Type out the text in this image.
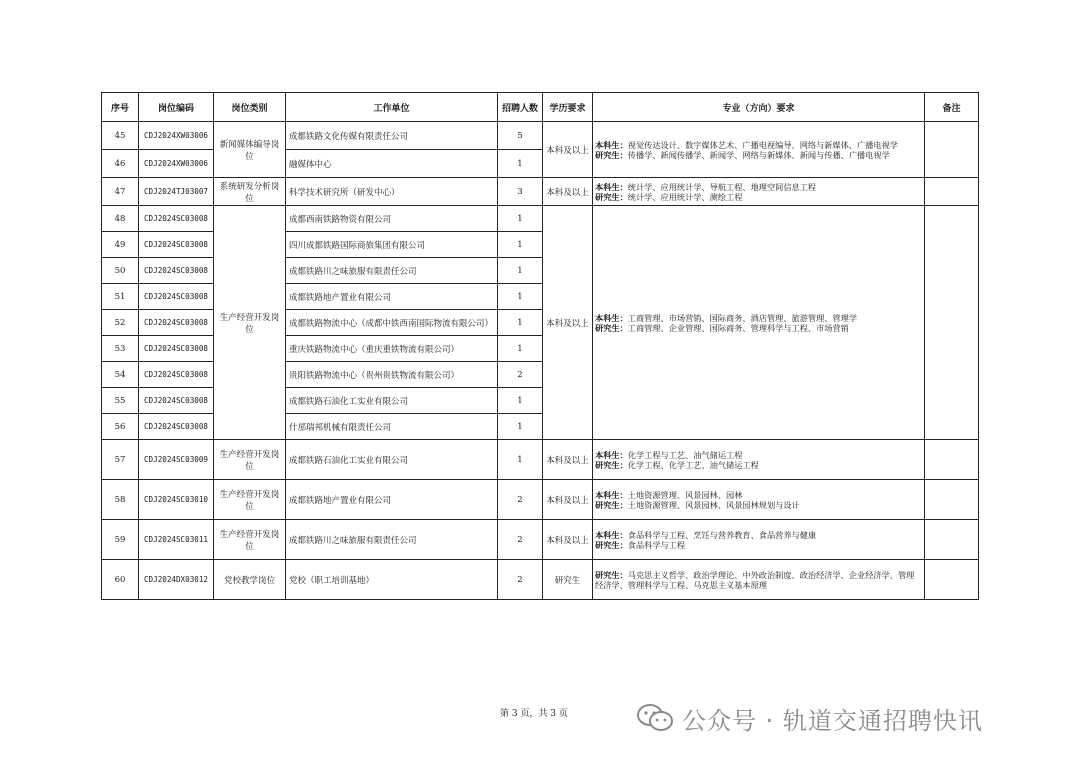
序号	岗位编码	岗位类别	工作单位	招聘人数	学历要求	专业（方向）要求	备注
45	CDJ2024XW03006	新闻媒体编导岗位	成都铁路文化传媒有限责任公司	5	本科及以上	本科生：视觉传达设计、数字媒体艺术、广播电视编导、网络与新媒体、广播电视学
研究生：传播学、新闻传播学、新闻学、网络与新媒体、新闻与传播、广播电视学	

46	CDJ2024XW03006		融媒体中心	1			
47	CDJ2024TJ03007	系统研发分析岗位	科学技术研究所（研发中心）	3	本科及以上	本科生：统计学、应用统计学、导航工程、地理空间信息工程
研究生：统计学、应用统计学、测绘工程	

48	CDJ2024SC03008	生产经营开发岗位	成都西南铁路物资有限公司	1	本科及以上	本科生：工商管理、市场营销、国际商务、酒店管理、旅游管理、管理学
研究生：工商管理、企业管理、国际商务、管理科学与工程、市场营销	

49	CDJ2024SC03008		四川成都铁路国际商旅集团有限公司	1			
50	CDJ2024SC03008		成都铁路川之味旅服有限责任公司	1			
51	CDJ2024SC03008		成都铁路地产置业有限公司	1			
52	CDJ2024SC03008		成都铁路物流中心（成都中铁西南国际物流有限公司）	1			
53	CDJ2024SC03008		重庆铁路物流中心（重庆重铁物流有限公司）	1			
54	CDJ2024SC03008		贵阳铁路物流中心（贵州贵铁物流有限公司）	2			
55	CDJ2024SC03008		成都铁路石油化工实业有限公司	1			
56	CDJ2024SC03008		什邡瑞邦机械有限责任公司	1			
57	CDJ2024SC03009	生产经营开发岗位	成都铁路石油化工实业有限公司	1	本科及以上	本科生：化学工程与工艺、油气储运工程
研究生：化学工程、化学工艺、油气储运工程	

58	CDJ2024SC03010	生产经营开发岗位	成都铁路地产置业有限公司	2	本科及以上	本科生：土地资源管理、风景园林、园林
研究生：土地资源管理、风景园林、风景园林规划与设计	

59	CDJ2024SC03011	生产经营开发岗位	成都铁路川之味旅服有限责任公司	2	本科及以上	本科生：食品科学与工程、烹饪与营养教育、食品营养与健康
研究生：食品科学与工程	

60	CDJ2024DX03012	党校教学岗位	党校（职工培训基地）	2	研究生	研究生：马克思主义哲学、政治学理论、中外政治制度、政治经济学、企业经济学、管理经济学、管理科学与工程、马克思主义基本原理	

第 3 页，共 3 页	公众号 · 轨道交通招聘快讯
